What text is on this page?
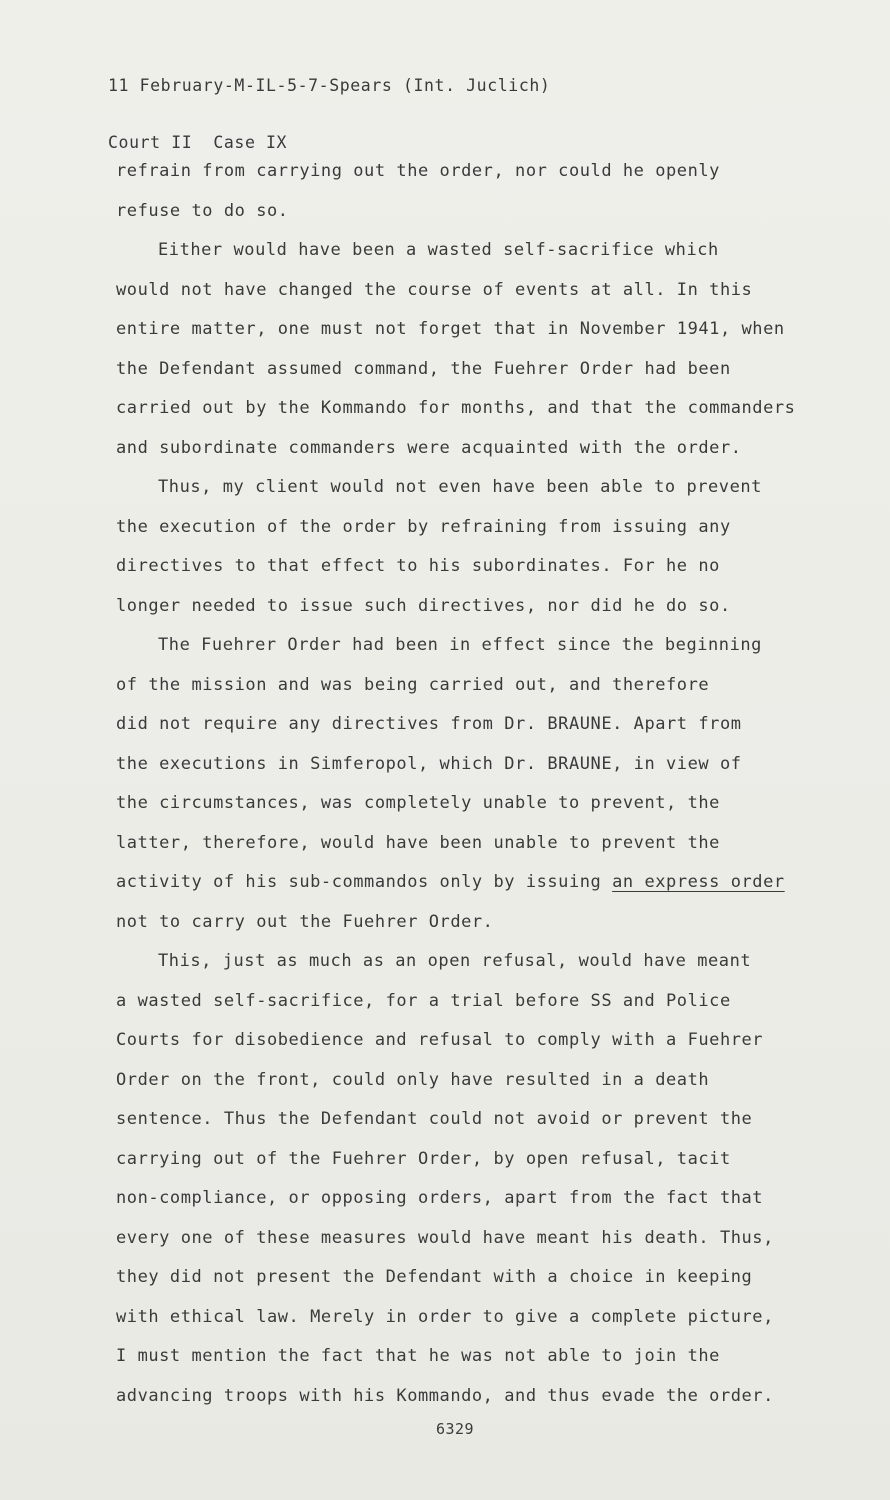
11 February-M-IL-5-7-Spears (Int. Juclich)

Court II  Case IX

refrain from carrying out the order, nor could he openly
refuse to do so.
Either would have been a wasted self-sacrifice which
would not have changed the course of events at all. In this
entire matter, one must not forget that in November 1941, when
the Defendant assumed command, the Fuehrer Order had been
carried out by the Kommando for months, and that the commanders
and subordinate commanders were acquainted with the order.
Thus, my client would not even have been able to prevent
the execution of the order by refraining from issuing any
directives to that effect to his subordinates. For he no
longer needed to issue such directives, nor did he do so.
The Fuehrer Order had been in effect since the beginning
of the mission and was being carried out, and therefore
did not require any directives from Dr. BRAUNE. Apart from
the executions in Simferopol, which Dr. BRAUNE, in view of
the circumstances, was completely unable to prevent, the
latter, therefore, would have been unable to prevent the
activity of his sub-commandos only by issuing an express order
not to carry out the Fuehrer Order.
This, just as much as an open refusal, would have meant
a wasted self-sacrifice, for a trial before SS and Police
Courts for disobedience and refusal to comply with a Fuehrer
Order on the front, could only have resulted in a death
sentence. Thus the Defendant could not avoid or prevent the
carrying out of the Fuehrer Order, by open refusal, tacit
non-compliance, or opposing orders, apart from the fact that
every one of these measures would have meant his death. Thus,
they did not present the Defendant with a choice in keeping
with ethical law. Merely in order to give a complete picture,
I must mention the fact that he was not able to join the
advancing troops with his Kommando, and thus evade the order.
6329
